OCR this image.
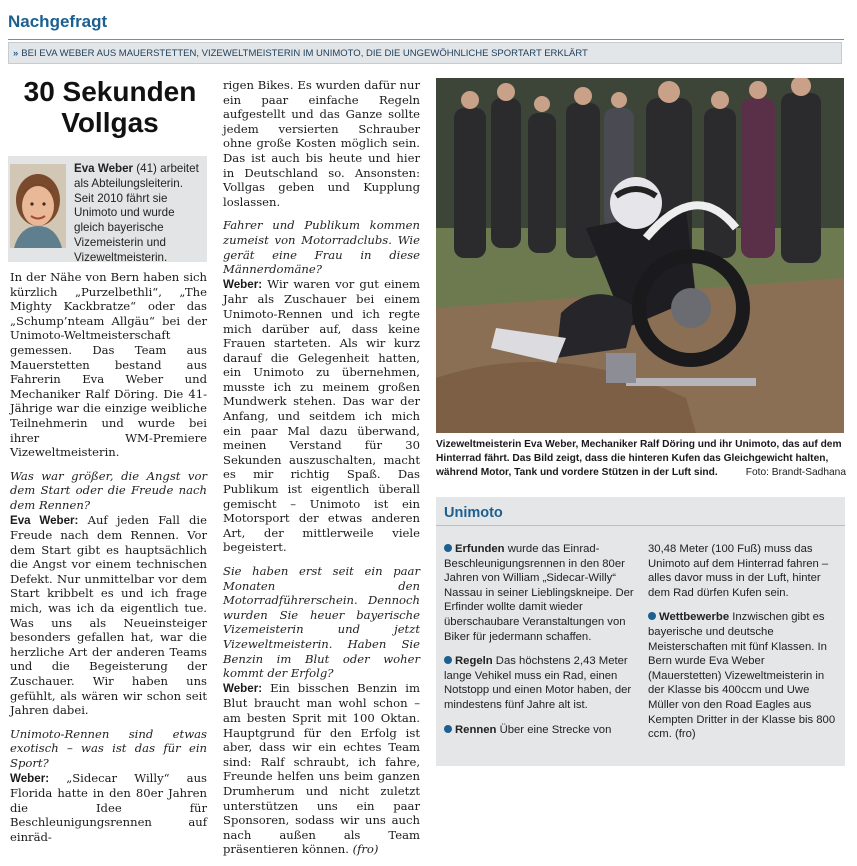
Nachgefragt
» BEI EVA WEBER AUS MAUERSTETTEN, VIZEWELTMEISTERIN IM UNIMOTO, DIE DIE UNGEWÖHNLICHE SPORTART ERKLÄRT
30 Sekunden Vollgas
Eva Weber (41) arbeitet als Abteilungsleiterin. Seit 2010 fährt sie Unimoto und wurde gleich bayerische Vizemeisterin und Vizeweltmeisterin.

In der Nähe von Bern haben sich kürzlich „Purzelbethli“, „The Mighty Kackbratze“ oder das „Schump’nteam Allgäu“ bei der Unimoto-Weltmeisterschaft gemessen. Das Team aus Mauerstetten bestand aus Fahrerin Eva Weber und Mechaniker Ralf Döring. Die 41-Jährige war die einzige weibliche Teilnehmerin und wurde bei ihrer WM-Premiere Vizeweltmeisterin.

Was war größer, die Angst vor dem Start oder die Freude nach dem Rennen?

Eva Weber: Auf jeden Fall die Freude nach dem Rennen. Vor dem Start gibt es hauptsächlich die Angst vor einem technischen Defekt. Nur unmittelbar vor dem Start kribbelt es und ich frage mich, was ich da eigentlich tue. Was uns als Neueinsteiger besonders gefallen hat, war die herzliche Art der anderen Teams und die Begeisterung der Zuschauer. Wir haben uns gefühlt, als wären wir schon seit Jahren dabei.

Unimoto-Rennen sind etwas exotisch – was ist das für ein Sport?

Weber: „Sidecar Willy“ aus Florida hatte in den 80er Jahren die Idee für Beschleunigungsrennen auf einräd-

rigen Bikes. Es wurden dafür nur ein paar einfache Regeln aufgestellt und das Ganze sollte jedem versierten Schrauber ohne große Kosten möglich sein. Das ist auch bis heute und hier in Deutschland so. Ansonsten: Vollgas geben und Kupplung loslassen.

Fahrer und Publikum kommen zumeist von Motorradclubs. Wie gerät eine Frau in diese Männerdomäne?

Weber: Wir waren vor gut einem Jahr als Zuschauer bei einem Unimoto-Rennen und ich regte mich darüber auf, dass keine Frauen starteten. Als wir kurz darauf die Gelegenheit hatten, ein Unimoto zu übernehmen, musste ich zu meinem großen Mundwerk stehen. Das war der Anfang, und seitdem ich mich ein paar Mal dazu überwand, meinen Verstand für 30 Sekunden auszuschalten, macht es mir richtig Spaß. Das Publikum ist eigentlich überall gemischt – Unimoto ist ein Motorsport der etwas anderen Art, der mittlerweile viele begeistert.

Sie haben erst seit ein paar Monaten den Motorradführerschein. Dennoch wurden Sie heuer bayerische Vizemeisterin und jetzt Vizeweltmeisterin. Haben Sie Benzin im Blut oder woher kommt der Erfolg?

Weber: Ein bisschen Benzin im Blut braucht man wohl schon – am besten Sprit mit 100 Oktan. Hauptgrund für den Erfolg ist aber, dass wir ein echtes Team sind: Ralf schraubt, ich fahre, Freunde helfen uns beim ganzen Drumherum und nicht zuletzt unterstützen uns ein paar Sponsoren, sodass wir uns auch nach außen als Team präsentieren können. (fro)

Vizeweltmeisterin Eva Weber, Mechaniker Ralf Döring und ihr Unimoto, das auf dem Hinterrad fährt. Das Bild zeigt, dass die hinteren Kufen das Gleichgewicht halten, während Motor, Tank und vordere Stützen in der Luft sind.	Foto: Brandt-Sadhana
Unimoto

Erfunden wurde das Einrad-Beschleunigungsrennen in den 80er Jahren von William „Sidecar-Willy“ Nassau in seiner Lieblingskneipe. Der Erfinder wollte damit wieder überschaubare Veranstaltungen von Biker für jedermann schaffen.

Regeln Das höchstens 2,43 Meter lange Vehikel muss ein Rad, einen Notstopp und einen Motor haben, der mindestens fünf Jahre alt ist.

Rennen Über eine Strecke von

30,48 Meter (100 Fuß) muss das Unimoto auf dem Hinterrad fahren – alles davor muss in der Luft, hinter dem Rad dürfen Kufen sein.

Wettbewerbe Inzwischen gibt es bayerische und deutsche Meisterschaften mit fünf Klassen. In Bern wurde Eva Weber (Mauerstetten) Vizeweltmeisterin in der Klasse bis 400ccm und Uwe Müller von den Road Eagles aus Kempten Dritter in der Klasse bis 800 ccm. (fro)
